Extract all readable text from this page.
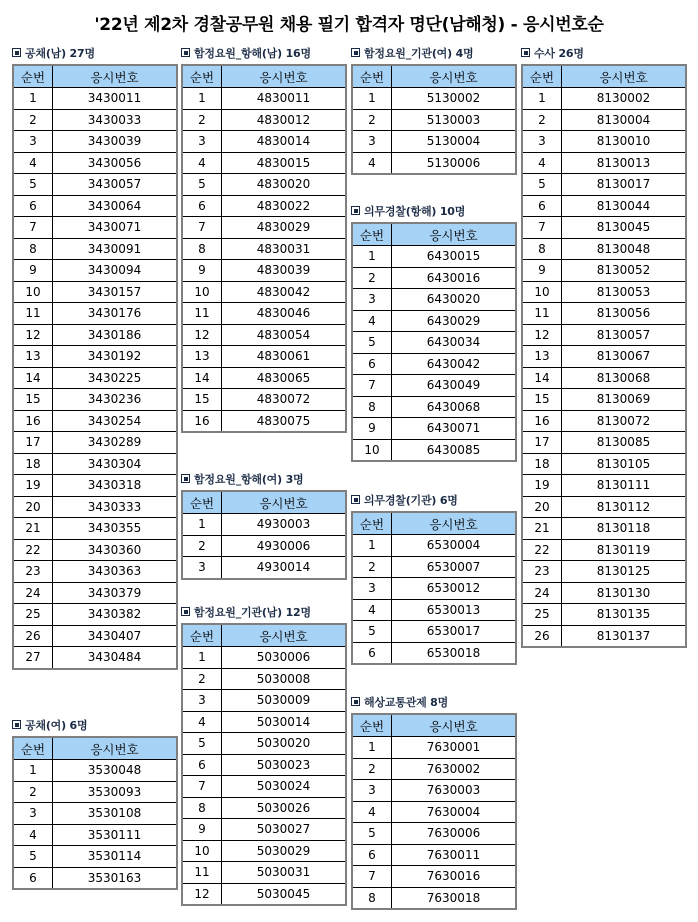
'22년 제2차 경찰공무원 채용 필기 합격자 명단(남해청) - 응시번호순
공채(남) 27명
순번	응시번호
1	3430011
2	3430033
3	3430039
4	3430056
5	3430057
6	3430064
7	3430071
8	3430091
9	3430094
10	3430157
11	3430176
12	3430186
13	3430192
14	3430225
15	3430236
16	3430254
17	3430289
18	3430304
19	3430318
20	3430333
21	3430355
22	3430360
23	3430363
24	3430379
25	3430382
26	3430407
27	3430484
공채(여) 6명
순번	응시번호
1	3530048
2	3530093
3	3530108
4	3530111
5	3530114
6	3530163
함정요원_항해(남) 16명
순번	응시번호
1	4830011
2	4830012
3	4830014
4	4830015
5	4830020
6	4830022
7	4830029
8	4830031
9	4830039
10	4830042
11	4830046
12	4830054
13	4830061
14	4830065
15	4830072
16	4830075
함정요원_항해(여) 3명
순번	응시번호
1	4930003
2	4930006
3	4930014
함정요원_기관(남) 12명
순번	응시번호
1	5030006
2	5030008
3	5030009
4	5030014
5	5030020
6	5030023
7	5030024
8	5030026
9	5030027
10	5030029
11	5030031
12	5030045
함정요원_기관(여) 4명
순번	응시번호
1	5130002
2	5130003
3	5130004
4	5130006
의무경찰(항해) 10명
순번	응시번호
1	6430015
2	6430016
3	6430020
4	6430029
5	6430034
6	6430042
7	6430049
8	6430068
9	6430071
10	6430085
의무경찰(기관) 6명
순번	응시번호
1	6530004
2	6530007
3	6530012
4	6530013
5	6530017
6	6530018
해상교통관제 8명
순번	응시번호
1	7630001
2	7630002
3	7630003
4	7630004
5	7630006
6	7630011
7	7630016
8	7630018
수사 26명
순번	응시번호
1	8130002
2	8130004
3	8130010
4	8130013
5	8130017
6	8130044
7	8130045
8	8130048
9	8130052
10	8130053
11	8130056
12	8130057
13	8130067
14	8130068
15	8130069
16	8130072
17	8130085
18	8130105
19	8130111
20	8130112
21	8130118
22	8130119
23	8130125
24	8130130
25	8130135
26	8130137
